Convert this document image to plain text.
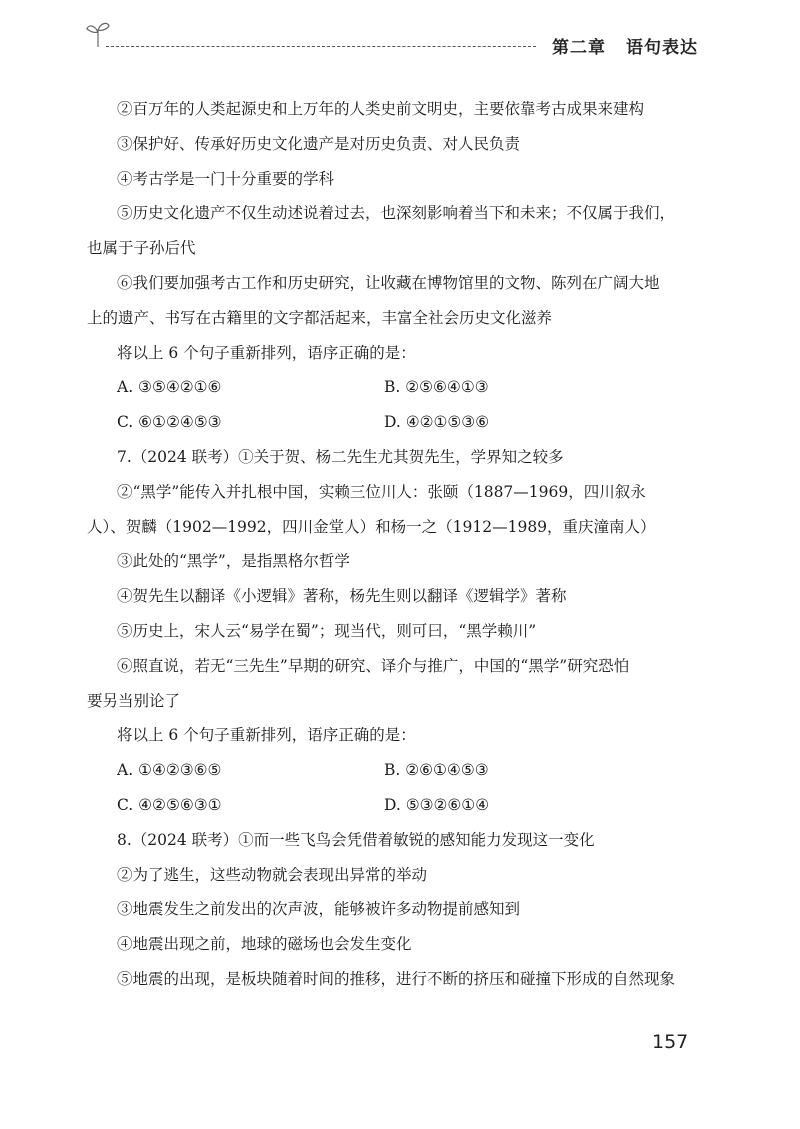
第二章 语句表达
②百万年的人类起源史和上万年的人类史前文明史，主要依靠考古成果来建构
③保护好、传承好历史文化遗产是对历史负责、对人民负责
④考古学是一门十分重要的学科
⑤历史文化遗产不仅生动述说着过去，也深刻影响着当下和未来；不仅属于我们，
也属于子孙后代
⑥我们要加强考古工作和历史研究，让收藏在博物馆里的文物、陈列在广阔大地
上的遗产、书写在古籍里的文字都活起来，丰富全社会历史文化滋养
将以上 6 个句子重新排列，语序正确的是：
A. ③⑤④②①⑥	B. ②⑤⑥④①③
C. ⑥①②④⑤③	D. ④②①⑤③⑥
7.（2024 联考）①关于贺、杨二先生尤其贺先生，学界知之较多
②“黑学”能传入并扎根中国，实赖三位川人：张颐（1887—1969，四川叙永
人）、贺麟（1902—1992，四川金堂人）和杨一之（1912—1989，重庆潼南人）
③此处的“黑学”，是指黑格尔哲学
④贺先生以翻译《小逻辑》著称，杨先生则以翻译《逻辑学》著称
⑤历史上，宋人云“易学在蜀”；现当代，则可曰，“黑学赖川”
⑥照直说，若无“三先生”早期的研究、译介与推广，中国的“黑学”研究恐怕
要另当别论了
将以上 6 个句子重新排列，语序正确的是：
A. ①④②③⑥⑤	B. ②⑥①④⑤③
C. ④②⑤⑥③①	D. ⑤③②⑥①④
8.（2024 联考）①而一些飞鸟会凭借着敏锐的感知能力发现这一变化
②为了逃生，这些动物就会表现出异常的举动
③地震发生之前发出的次声波，能够被许多动物提前感知到
④地震出现之前，地球的磁场也会发生变化
⑤地震的出现，是板块随着时间的推移，进行不断的挤压和碰撞下形成的自然现象
157
